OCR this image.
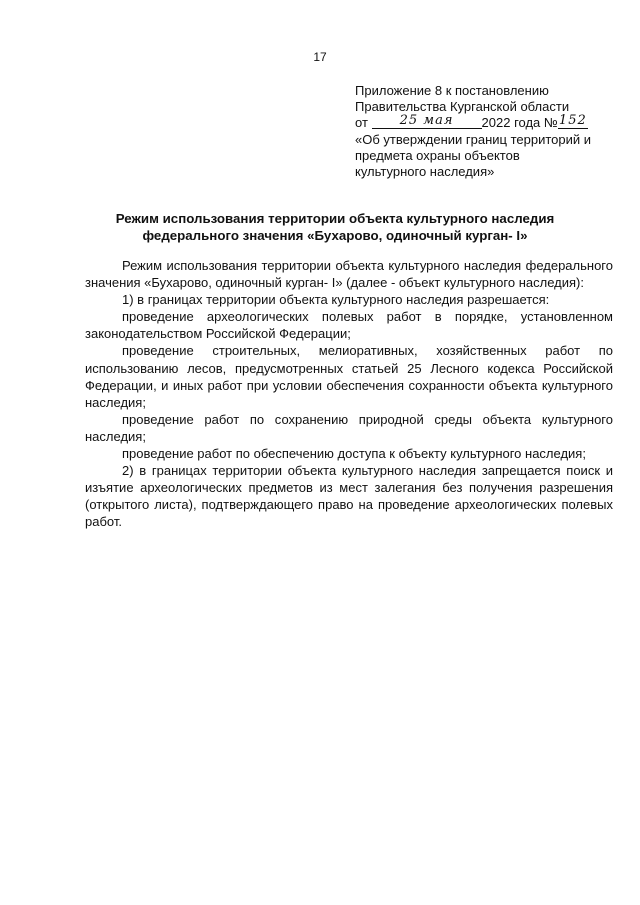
17
Приложение 8 к постановлению
Правительства Курганской области
от 25 мая 2022 года №152
«Об утверждении границ территорий и
предмета охраны объектов
культурного наследия»
Режим использования территории объекта культурного наследия федерального значения «Бухарово, одиночный курган- I»

Режим использования территории объекта культурного наследия федерального значения «Бухарово, одиночный курган- I» (далее - объект культурного наследия):

1) в границах территории объекта культурного наследия разрешается:

проведение археологических полевых работ в порядке, установленном законодательством Российской Федерации;

проведение строительных, мелиоративных, хозяйственных работ по использованию лесов, предусмотренных статьей 25 Лесного кодекса Российской Федерации, и иных работ при условии обеспечения сохранности объекта культурного наследия;

проведение работ по сохранению природной среды объекта культурного наследия;

проведение работ по обеспечению доступа к объекту культурного наследия;

2) в границах территории объекта культурного наследия запрещается поиск и изъятие археологических предметов из мест залегания без получения разрешения (открытого листа), подтверждающего право на проведение археологических полевых работ.
